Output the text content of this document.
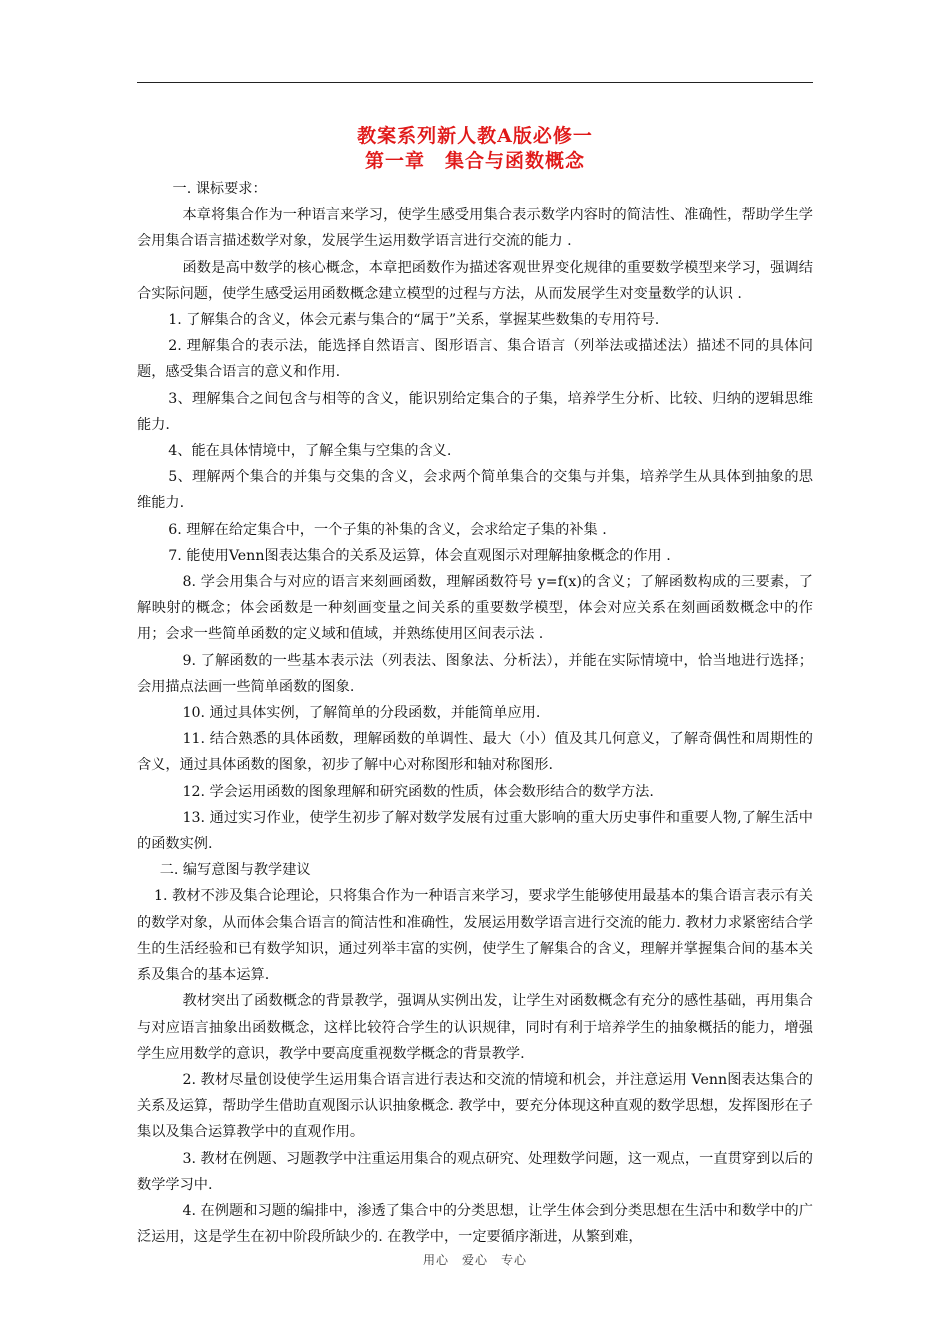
教案系列新人教A版必修一
第一章　集合与函数概念

一. 课标要求：

本章将集合作为一种语言来学习，使学生感受用集合表示数学内容时的简洁性、准确性，帮助学生学会用集合语言描述数学对象，发展学生运用数学语言进行交流的能力 .

函数是高中数学的核心概念，本章把函数作为描述客观世界变化规律的重要数学模型来学习，强调结合实际问题，使学生感受运用函数概念建立模型的过程与方法，从而发展学生对变量数学的认识 .

1. 了解集合的含义，体会元素与集合的“属于”关系，掌握某些数集的专用符号.

2. 理解集合的表示法，能选择自然语言、图形语言、集合语言（列举法或描述法）描述不同的具体问题，感受集合语言的意义和作用.

3、理解集合之间包含与相等的含义，能识别给定集合的子集，培养学生分析、比较、归纳的逻辑思维能力.

4、能在具体情境中，了解全集与空集的含义.

5、理解两个集合的并集与交集的含义，会求两个简单集合的交集与并集，培养学生从具体到抽象的思维能力.

6. 理解在给定集合中，一个子集的补集的含义，会求给定子集的补集 .

7. 能使用Venn图表达集合的关系及运算，体会直观图示对理解抽象概念的作用 .

8. 学会用集合与对应的语言来刻画函数，理解函数符号 y=f(x)的含义；了解函数构成的三要素，了解映射的概念；体会函数是一种刻画变量之间关系的重要数学模型，体会对应关系在刻画函数概念中的作用；会求一些简单函数的定义域和值域，并熟练使用区间表示法 .

9. 了解函数的一些基本表示法（列表法、图象法、分析法），并能在实际情境中，恰当地进行选择；会用描点法画一些简单函数的图象.

10. 通过具体实例，了解简单的分段函数，并能简单应用.

11. 结合熟悉的具体函数，理解函数的单调性、最大（小）值及其几何意义，了解奇偶性和周期性的含义，通过具体函数的图象，初步了解中心对称图形和轴对称图形.

12. 学会运用函数的图象理解和研究函数的性质，体会数形结合的数学方法.

13. 通过实习作业，使学生初步了解对数学发展有过重大影响的重大历史事件和重要人物,了解生活中的函数实例.

二. 编写意图与教学建议

1. 教材不涉及集合论理论，只将集合作为一种语言来学习，要求学生能够使用最基本的集合语言表示有关的数学对象，从而体会集合语言的简洁性和准确性，发展运用数学语言进行交流的能力. 教材力求紧密结合学生的生活经验和已有数学知识，通过列举丰富的实例，使学生了解集合的含义，理解并掌握集合间的基本关系及集合的基本运算.

教材突出了函数概念的背景教学，强调从实例出发，让学生对函数概念有充分的感性基础，再用集合与对应语言抽象出函数概念，这样比较符合学生的认识规律，同时有利于培养学生的抽象概括的能力，增强学生应用数学的意识，教学中要高度重视数学概念的背景教学.

2. 教材尽量创设使学生运用集合语言进行表达和交流的情境和机会，并注意运用 Venn图表达集合的关系及运算，帮助学生借助直观图示认识抽象概念. 教学中，要充分体现这种直观的数学思想，发挥图形在子集以及集合运算教学中的直观作用。

3. 教材在例题、习题教学中注重运用集合的观点研究、处理数学问题，这一观点，一直贯穿到以后的数学学习中.

4. 在例题和习题的编排中，渗透了集合中的分类思想，让学生体会到分类思想在生活中和数学中的广泛运用，这是学生在初中阶段所缺少的. 在教学中，一定要循序渐进，从繁到难，

用心　爱心　专心
